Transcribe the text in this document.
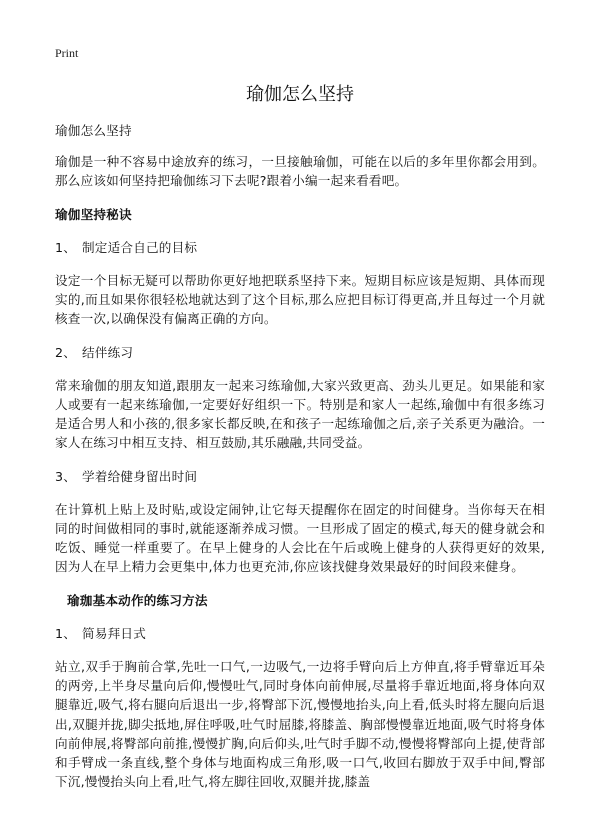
Print
瑜伽怎么坚持

瑜伽怎么坚持

瑜伽是一种不容易中途放弃的练习，一旦接触瑜伽，可能在以后的多年里你都会用到。那么应该如何坚持把瑜伽练习下去呢?跟着小编一起来看看吧。

瑜伽坚持秘诀

1、 制定适合自己的目标

设定一个目标无疑可以帮助你更好地把联系坚持下来。短期目标应该是短期、具体而现实的,而且如果你很轻松地就达到了这个目标,那么应把目标订得更高,并且每过一个月就核查一次,以确保没有偏离正确的方向。

2、 结伴练习

常来瑜伽的朋友知道,跟朋友一起来习练瑜伽,大家兴致更高、劲头儿更足。如果能和家人或要有一起来练瑜伽,一定要好好组织一下。特别是和家人一起练,瑜伽中有很多练习是适合男人和小孩的,很多家长都反映,在和孩子一起练瑜伽之后,亲子关系更为融洽。一家人在练习中相互支持、相互鼓励,其乐融融,共同受益。

3、 学着给健身留出时间

在计算机上贴上及时贴,或设定闹钟,让它每天提醒你在固定的时间健身。当你每天在相同的时间做相同的事时,就能逐渐养成习惯。一旦形成了固定的模式,每天的健身就会和吃饭、睡觉一样重要了。在早上健身的人会比在午后或晚上健身的人获得更好的效果,因为人在早上精力会更集中,体力也更充沛,你应该找健身效果最好的时间段来健身。

瑜珈基本动作的练习方法

1、 简易拜日式

站立,双手于胸前合掌,先吐一口气,一边吸气,一边将手臂向后上方伸直,将手臂靠近耳朵的两旁,上半身尽量向后仰,慢慢吐气,同时身体向前伸展,尽量将手靠近地面,将身体向双腿靠近,吸气,将右腿向后退出一步,将臀部下沉,慢慢地抬头,向上看,低头时将左腿向后退出,双腿并拢,脚尖抵地,屏住呼吸,吐气时屈膝,将膝盖、胸部慢慢靠近地面,吸气时将身体向前伸展,将臀部向前推,慢慢扩胸,向后仰头,吐气时手脚不动,慢慢将臀部向上提,使背部和手臂成一条直线,整个身体与地面构成三角形,吸一口气,收回右脚放于双手中间,臀部下沉,慢慢抬头向上看,吐气,将左脚往回收,双腿并拢,膝盖
